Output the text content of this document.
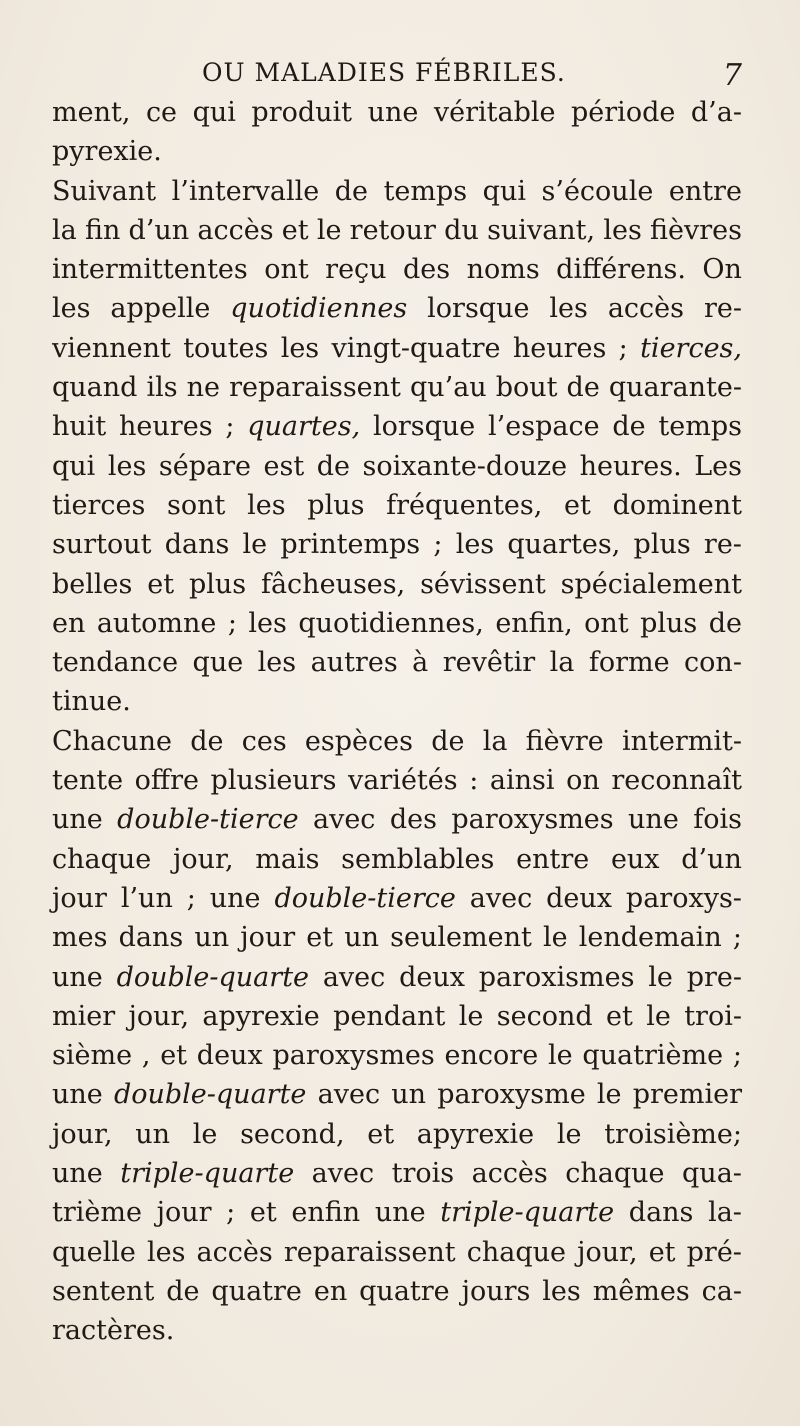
OU MALADIES FÉBRILES.	7
ment, ce qui produit une véritable période d’a-
pyrexie.
Suivant l’intervalle de temps qui s’écoule entre
la fin d’un accès et le retour du suivant, les fièvres
intermittentes ont reçu des noms différens. On
les appelle quotidiennes lorsque les accès re-
viennent toutes les vingt-quatre heures ; tierces,
quand ils ne reparaissent qu’au bout de quarante-
huit heures ; quartes, lorsque l’espace de temps
qui les sépare est de soixante-douze heures. Les
tierces sont les plus fréquentes, et dominent
surtout dans le printemps ; les quartes, plus re-
belles et plus fâcheuses, sévissent spécialement
en automne ; les quotidiennes, enfin, ont plus de
tendance que les autres à revêtir la forme con-
tinue.
Chacune de ces espèces de la fièvre intermit-
tente offre plusieurs variétés : ainsi on reconnaît
une double-tierce avec des paroxysmes une fois
chaque jour, mais semblables entre eux d’un
jour l’un ; une double-tierce avec deux paroxys-
mes dans un jour et un seulement le lendemain ;
une double-quarte avec deux paroxismes le pre-
mier jour, apyrexie pendant le second et le troi-
sième , et deux paroxysmes encore le quatrième ;
une double-quarte avec un paroxysme le premier
jour, un le second, et apyrexie le troisième;
une triple-quarte avec trois accès chaque qua-
trième jour ; et enfin une triple-quarte dans la-
quelle les accès reparaissent chaque jour, et pré-
sentent de quatre en quatre jours les mêmes ca-
ractères.
